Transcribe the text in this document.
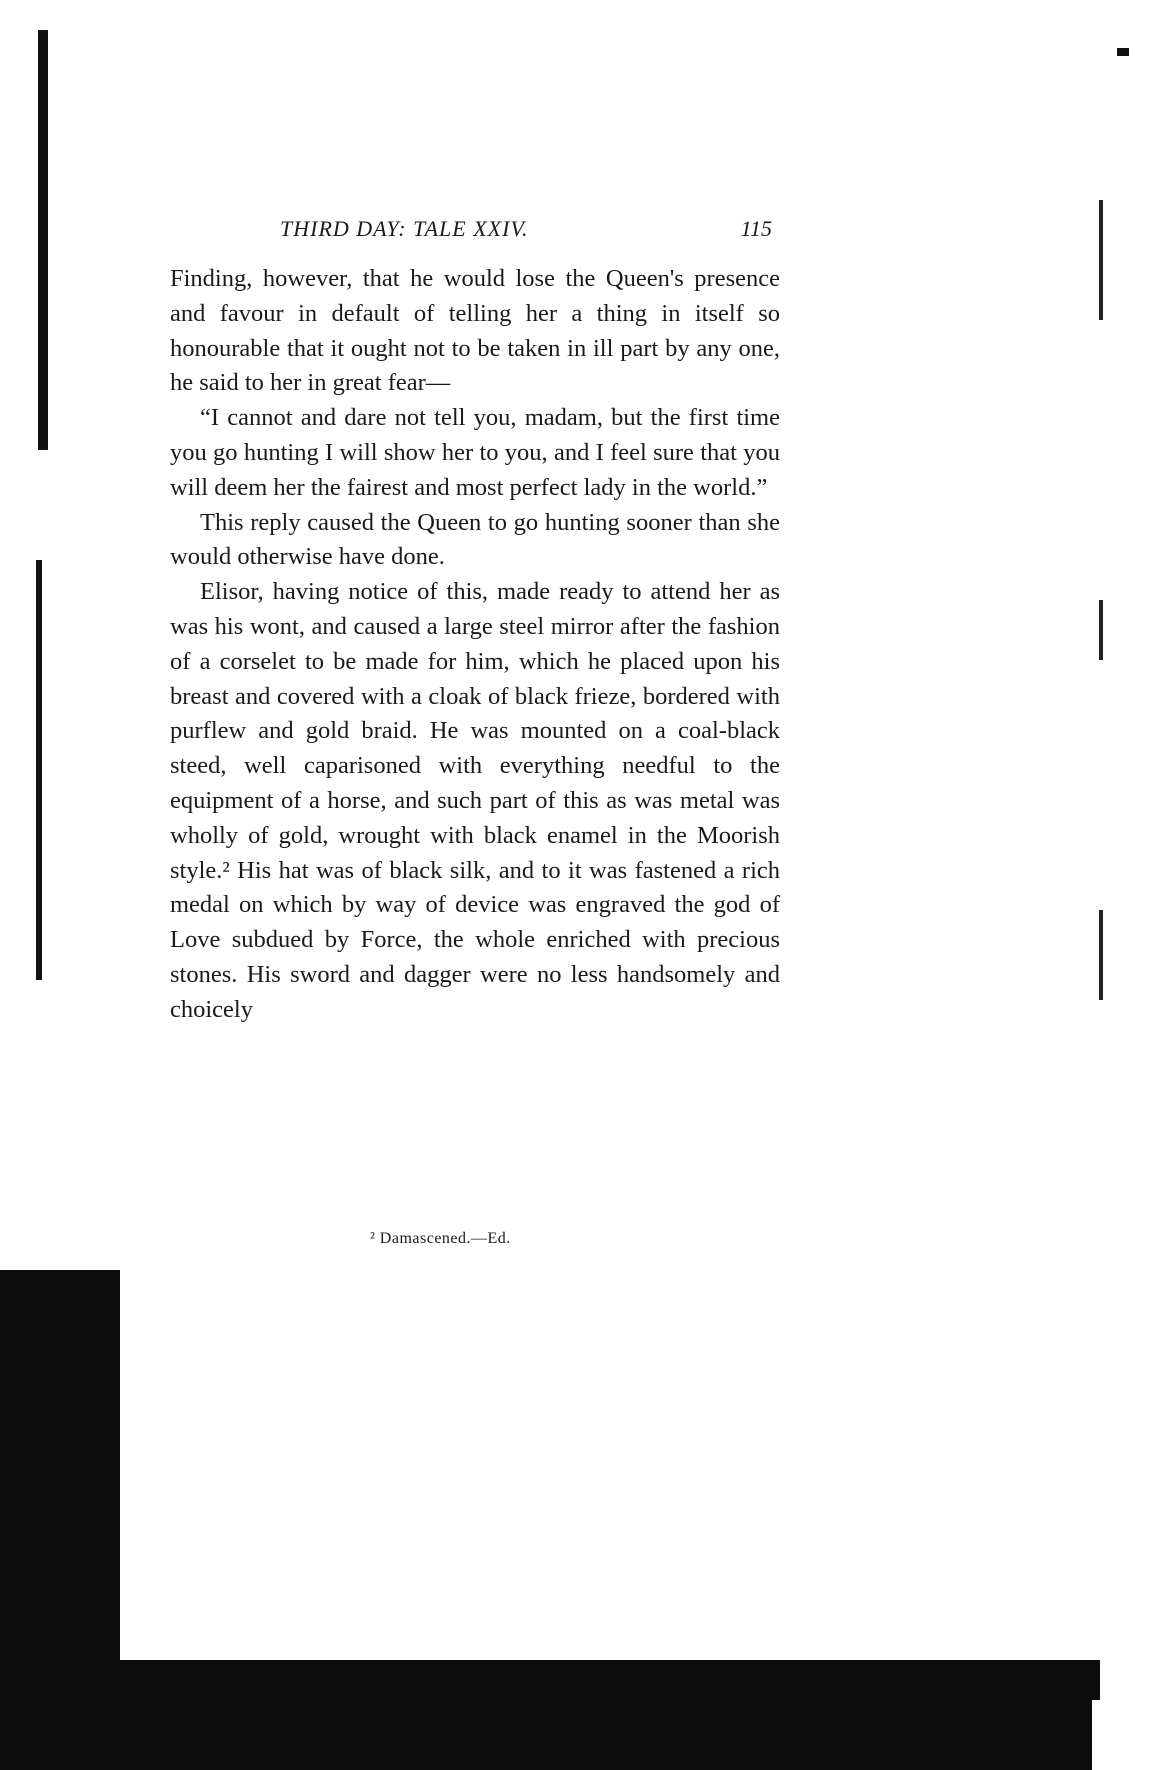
THIRD DAY: TALE XXIV.	115

Finding, however, that he would lose the Queen's presence and favour in default of telling her a thing in itself so honourable that it ought not to be taken in ill part by any one, he said to her in great fear—

“I cannot and dare not tell you, madam, but the first time you go hunting I will show her to you, and I feel sure that you will deem her the fairest and most perfect lady in the world.”

This reply caused the Queen to go hunting sooner than she would otherwise have done.

Elisor, having notice of this, made ready to attend her as was his wont, and caused a large steel mirror after the fashion of a corselet to be made for him, which he placed upon his breast and covered with a cloak of black frieze, bordered with purflew and gold braid. He was mounted on a coal-black steed, well caparisoned with everything needful to the equipment of a horse, and such part of this as was metal was wholly of gold, wrought with black enamel in the Moorish style.² His hat was of black silk, and to it was fastened a rich medal on which by way of device was engraved the god of Love subdued by Force, the whole enriched with precious stones. His sword and dagger were no less handsomely and choicely

² Damascened.—Ed.
